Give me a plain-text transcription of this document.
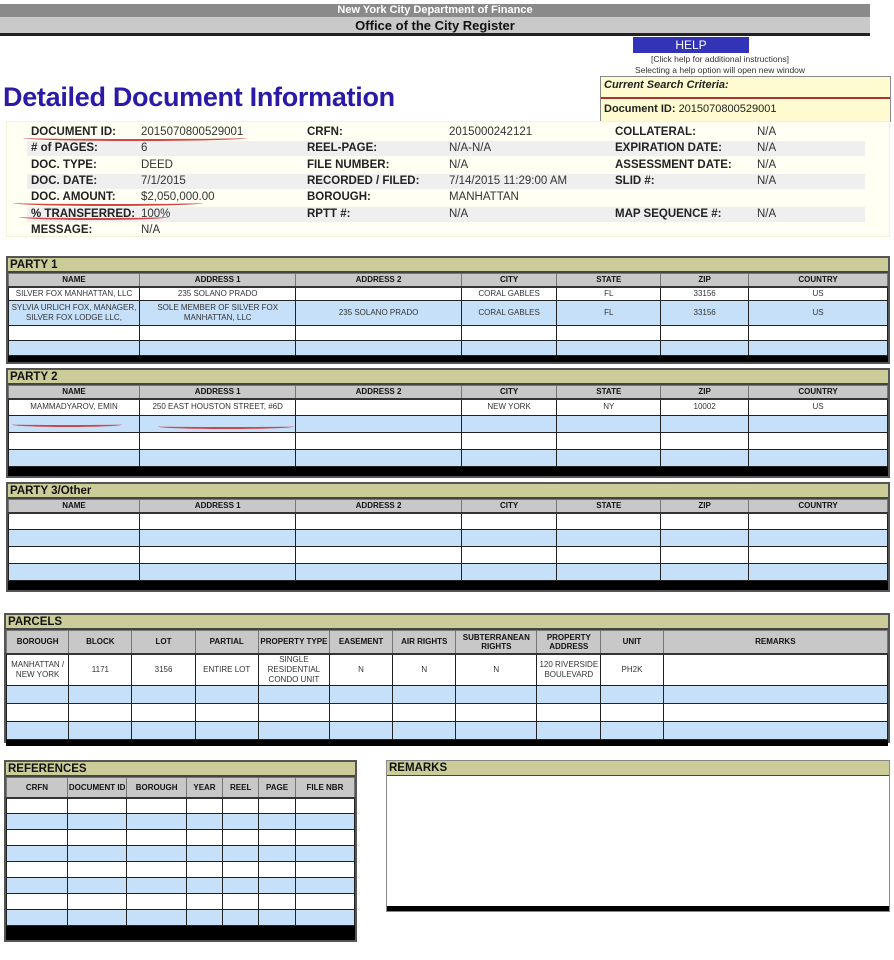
New York City Department of Finance
Office of the City Register
HELP
[Click help for additional instructions]
Selecting a help option will open new window
Current Search Criteria:
Document ID: 2015070800529001
Detailed Document Information
DOCUMENT ID: 2015070800529001
# of PAGES:	6
DOC. TYPE:	DEED
DOC. DATE:	7/1/2015
DOC. AMOUNT: $2,050,000.00
% TRANSFERRED: 100%
MESSAGE:	N/A
CRFN:	2015000242121
REEL-PAGE:	N/A-N/A
FILE NUMBER:	N/A
RECORDED / FILED:	7/14/2015 11:29:00 AM
BOROUGH:	MANHATTAN
RPTT #:	N/A
COLLATERAL:	N/A
EXPIRATION DATE:	N/A
ASSESSMENT DATE: N/A
SLID #:	N/A
MAP SEQUENCE #:	N/A
PARTY 1
NAME	ADDRESS 1	ADDRESS 2	CITY	STATE	ZIP	COUNTRY
SILVER FOX MANHATTAN, LLC	235 SOLANO PRADO		CORAL GABLES	FL	33156	US
SYLVIA URLICH FOX, MANAGER, SILVER FOX LODGE LLC,	SOLE MEMBER OF SILVER FOX MANHATTAN, LLC	235 SOLANO PRADO	CORAL GABLES	FL	33156	US

PARTY 2
NAME	ADDRESS 1	ADDRESS 2	CITY	STATE	ZIP	COUNTRY
MAMMADYAROV, EMIN	250 EAST HOUSTON STREET, #6D		NEW YORK	NY	10002	US

PARTY 3/Other
NAME	ADDRESS 1	ADDRESS 2	CITY	STATE	ZIP	COUNTRY

PARCELS
BOROUGH	BLOCK	LOT	PARTIAL	PROPERTY TYPE	EASEMENT	AIR RIGHTS	SUBTERRANEAN RIGHTS	PROPERTY ADDRESS	UNIT	REMARKS
MANHATTAN / NEW YORK	1171	3156	ENTIRE LOT	SINGLE RESIDENTIAL CONDO UNIT	N	N	N	120 RIVERSIDE BOULEVARD	PH2K	

REFERENCES
CRFN	DOCUMENT ID	BOROUGH	YEAR	REEL	PAGE	FILE NBR

REMARKS
